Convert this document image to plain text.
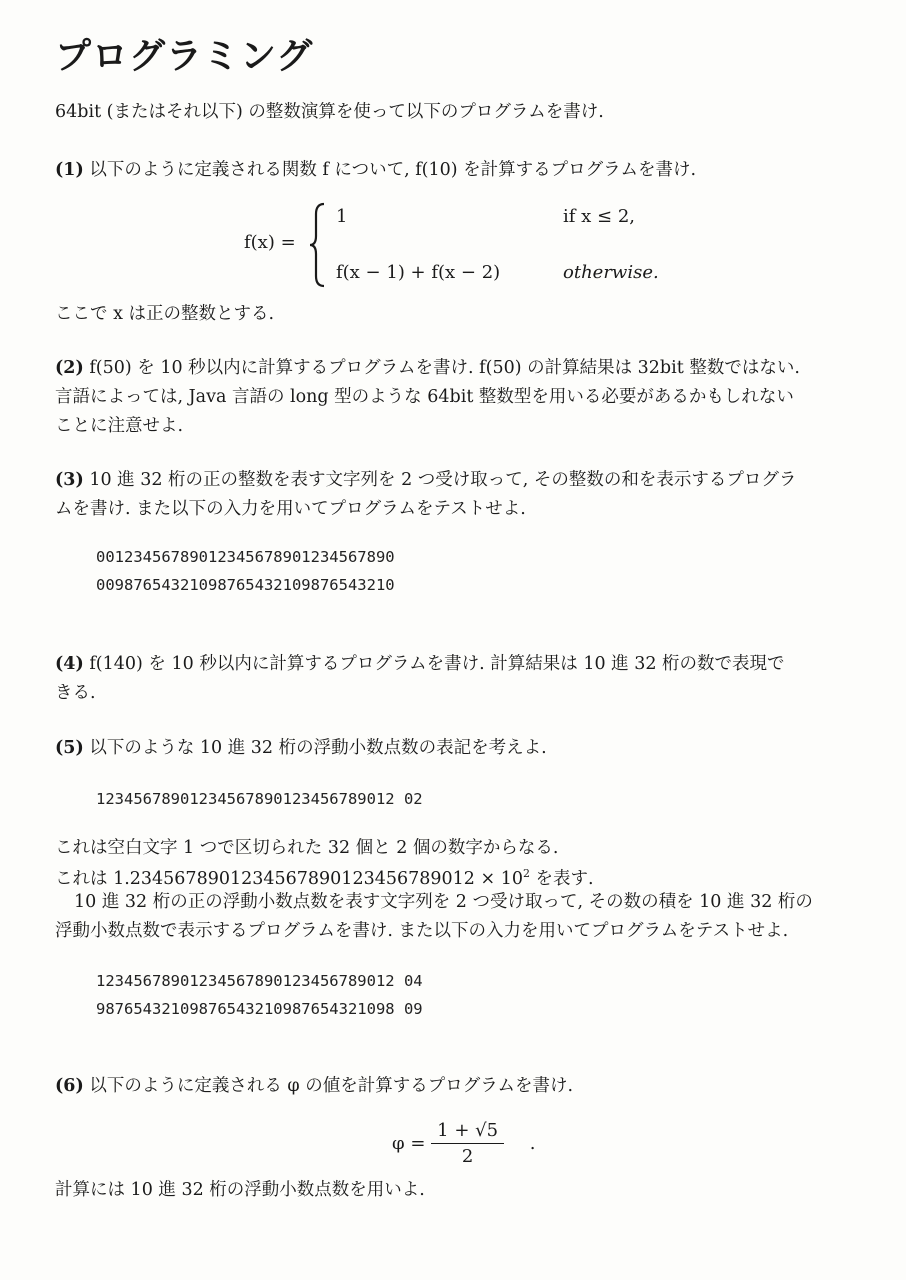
プログラミング
64bit (またはそれ以下) の整数演算を使って以下のプログラムを書け.
(1) 以下のように定義される関数 f について, f(10) を計算するプログラムを書け.
f(x) =
1	if x ≤ 2,
f(x − 1) + f(x − 2)	otherwise.
ここで x は正の整数とする.
(2) f(50) を 10 秒以内に計算するプログラムを書け. f(50) の計算結果は 32bit 整数ではない.
言語によっては, Java 言語の long 型のような 64bit 整数型を用いる必要があるかもしれない
ことに注意せよ.
(3) 10 進 32 桁の正の整数を表す文字列を 2 つ受け取って, その整数の和を表示するプログラ
ムを書け. また以下の入力を用いてプログラムをテストせよ.
00123456789012345678901234567890
00987654321098765432109876543210
(4) f(140) を 10 秒以内に計算するプログラムを書け. 計算結果は 10 進 32 桁の数で表現で
きる.
(5) 以下のような 10 進 32 桁の浮動小数点数の表記を考えよ.
12345678901234567890123456789012 02
これは空白文字 1 つで区切られた 32 個と 2 個の数字からなる.
これは $1.2345678901234567890123456789012 \times 10^2$ を表す.
10 進 32 桁の正の浮動小数点数を表す文字列を 2 つ受け取って, その数の積を 10 進 32 桁の
浮動小数点数で表示するプログラムを書け. また以下の入力を用いてプログラムをテストせよ.
12345678901234567890123456789012 04
98765432109876543210987654321098 09
(6) 以下のように定義される φ の値を計算するプログラムを書け.
$\varphi = \frac{1 + √5}{2}$ .
計算には 10 進 32 桁の浮動小数点数を用いよ.
